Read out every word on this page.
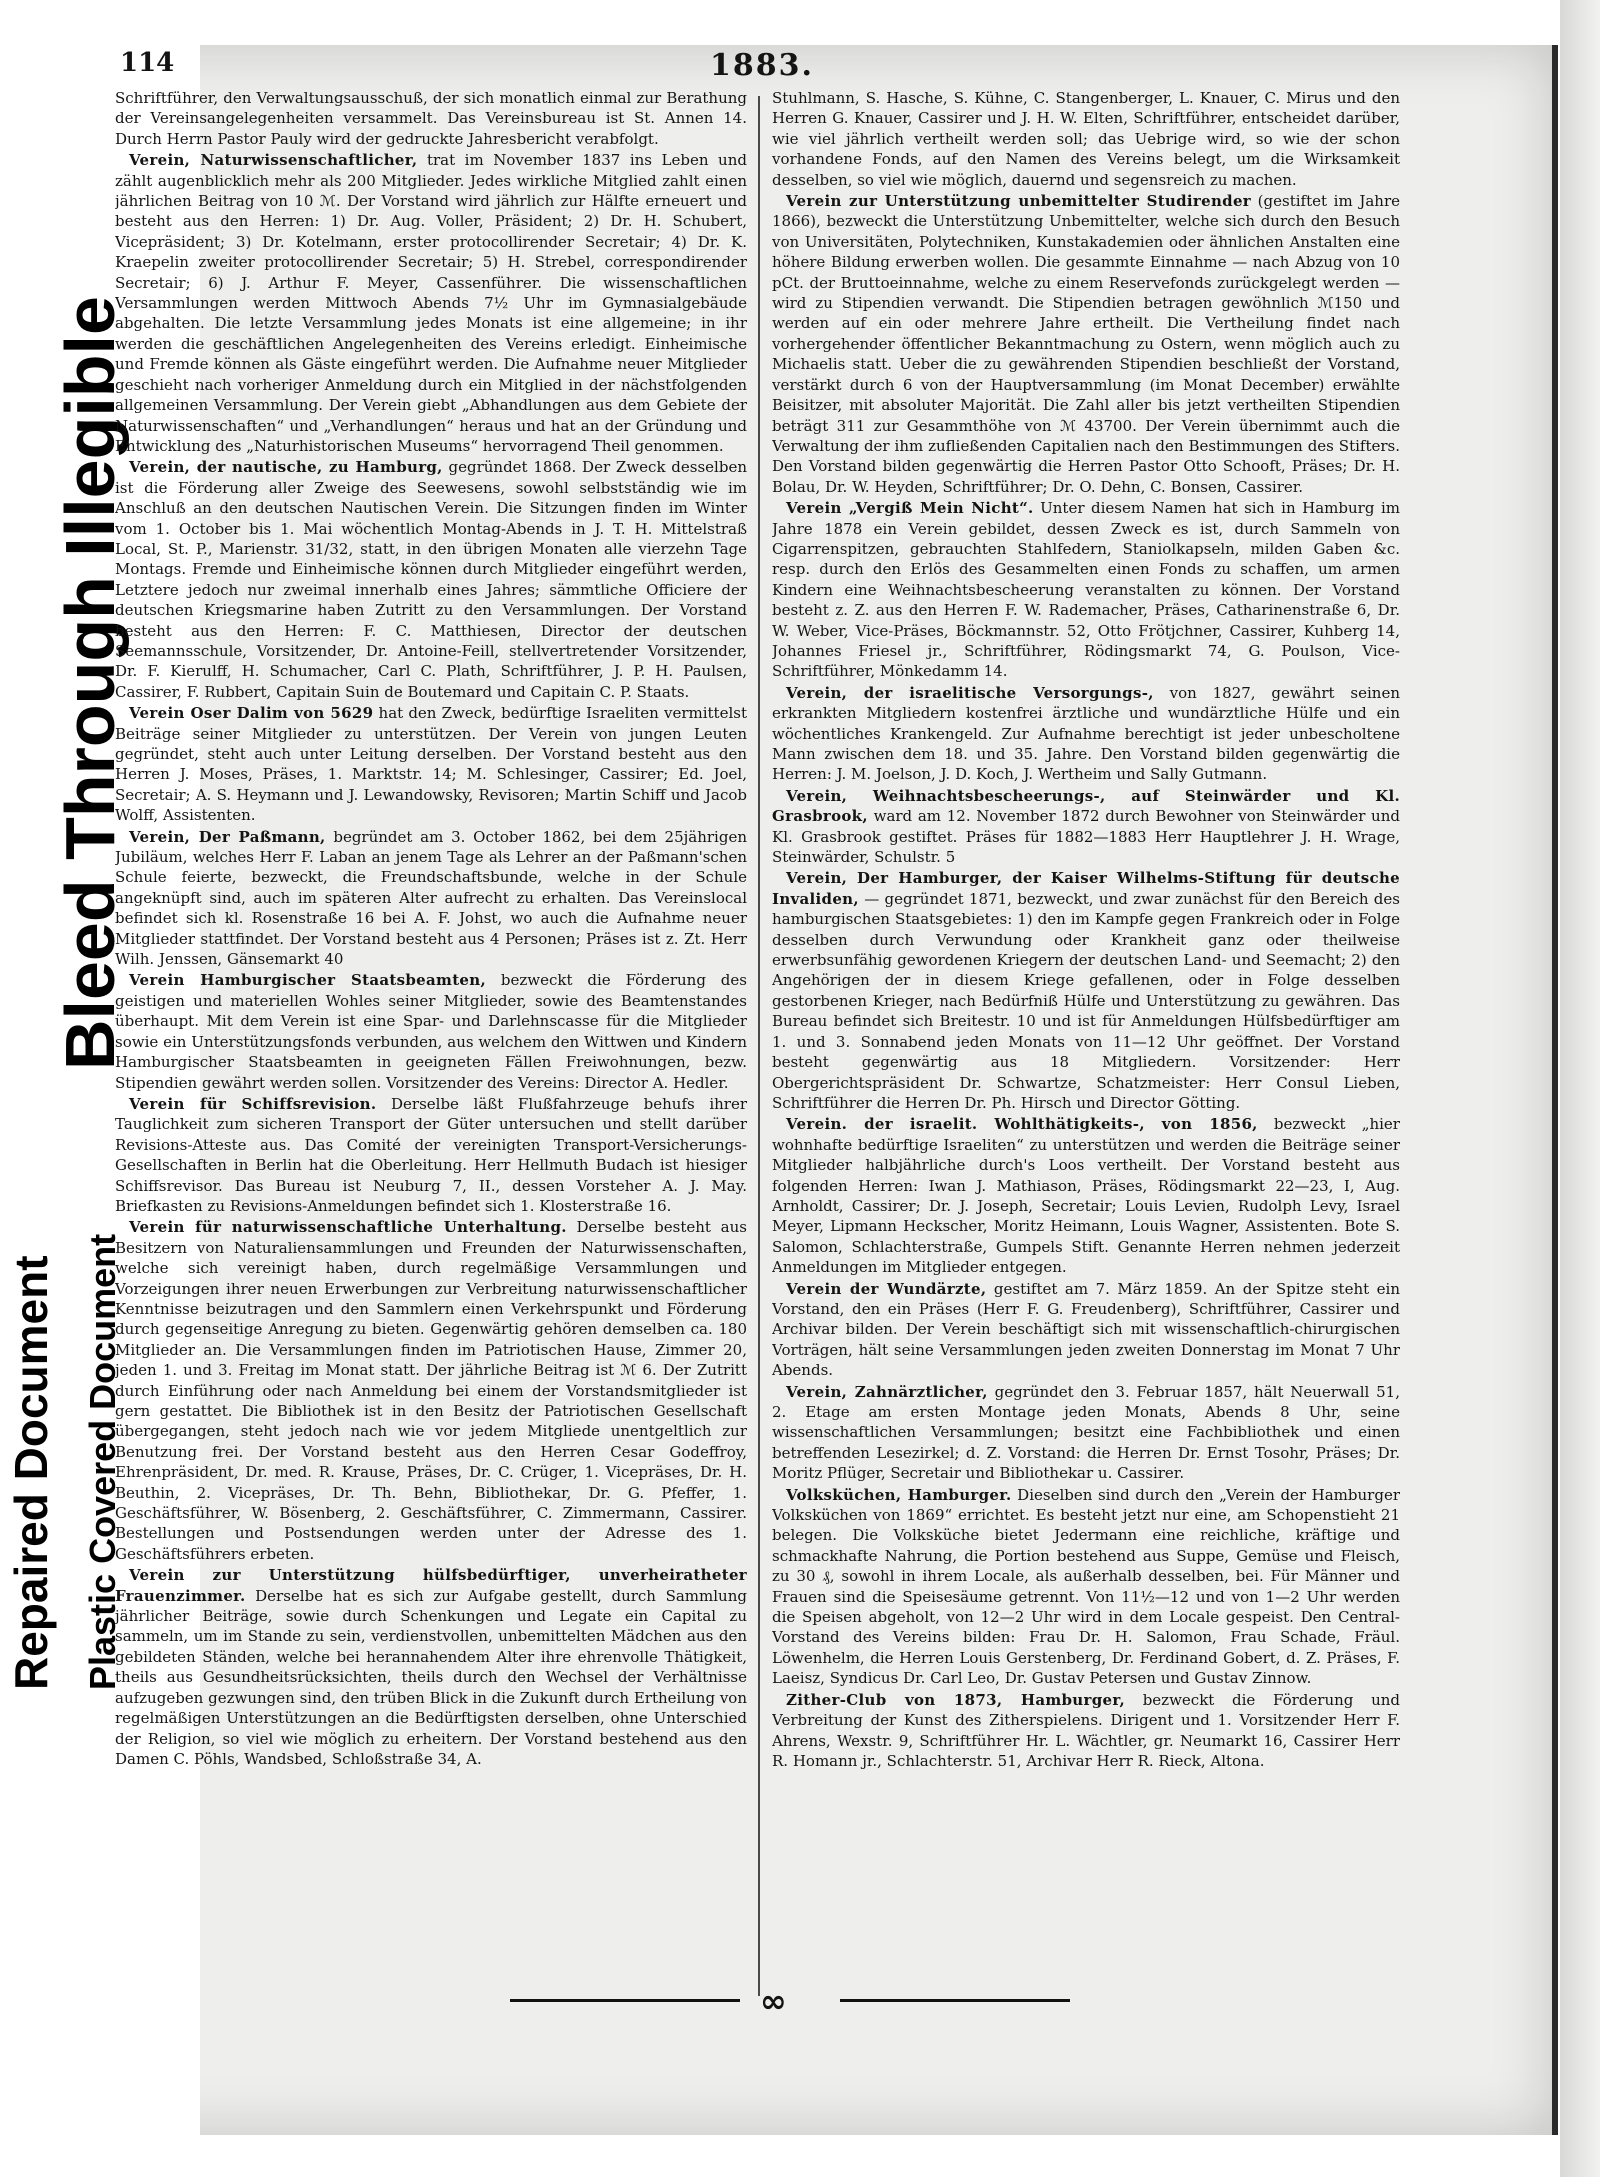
Repaired Document Plastic Covered Document
Bleed Through Illegible
114	1883.

Schriftführer, den Verwaltungsausschuß, der sich monatlich einmal zur Berathung der Vereinsangelegenheiten versammelt. Das Vereinsbureau ist St. Annen 14. Durch Herrn Pastor Pauly wird der gedruckte Jahresbericht verabfolgt.

Verein, Naturwissenschaftlicher, trat im November 1837 ins Leben und zählt augenblicklich mehr als 200 Mitglieder. Jedes wirkliche Mitglied zahlt einen jährlichen Beitrag von 10 ℳ. Der Vorstand wird jährlich zur Hälfte erneuert und besteht aus den Herren: 1) Dr. Aug. Voller, Präsident; 2) Dr. H. Schubert, Vicepräsident; 3) Dr. Kotelmann, erster protocollirender Secretair; 4) Dr. K. Kraepelin zweiter protocollirender Secretair; 5) H. Strebel, correspondirender Secretair; 6) J. Arthur F. Meyer, Cassenführer. Die wissenschaftlichen Versammlungen werden Mittwoch Abends 7½ Uhr im Gymnasialgebäude abgehalten. Die letzte Versammlung jedes Monats ist eine allgemeine; in ihr werden die geschäftlichen Angelegenheiten des Vereins erledigt. Einheimische und Fremde können als Gäste eingeführt werden. Die Aufnahme neuer Mitglieder geschieht nach vorheriger Anmeldung durch ein Mitglied in der nächstfolgenden allgemeinen Versammlung. Der Verein giebt „Abhandlungen aus dem Gebiete der Naturwissenschaften“ und „Verhandlungen“ heraus und hat an der Gründung und Entwicklung des „Naturhistorischen Museums“ hervorragend Theil genommen.

Verein, der nautische, zu Hamburg, gegründet 1868. Der Zweck desselben ist die Förderung aller Zweige des Seewesens, sowohl selbstständig wie im Anschluß an den deutschen Nautischen Verein. Die Sitzungen finden im Winter vom 1. October bis 1. Mai wöchentlich Montag-Abends in J. T. H. Mittelstraß Local, St. P., Marienstr. 31/32, statt, in den übrigen Monaten alle vierzehn Tage Montags. Fremde und Einheimische können durch Mitglieder eingeführt werden, Letztere jedoch nur zweimal innerhalb eines Jahres; sämmtliche Officiere der deutschen Kriegsmarine haben Zutritt zu den Versammlungen. Der Vorstand besteht aus den Herren: F. C. Matthiesen, Director der deutschen Seemannsschule, Vorsitzender, Dr. Antoine-Feill, stellvertretender Vorsitzender, Dr. F. Kierulff, H. Schumacher, Carl C. Plath, Schriftführer, J. P. H. Paulsen, Cassirer, F. Rubbert, Capitain Suin de Boutemard und Capitain C. P. Staats.

Verein Oser Dalim von 5629 hat den Zweck, bedürftige Israeliten vermittelst Beiträge seiner Mitglieder zu unterstützen. Der Verein von jungen Leuten gegründet, steht auch unter Leitung derselben. Der Vorstand besteht aus den Herren J. Moses, Präses, 1. Marktstr. 14; M. Schlesinger, Cassirer; Ed. Joel, Secretair; A. S. Heymann und J. Lewandowsky, Revisoren; Martin Schiff und Jacob Wolff, Assistenten.

Verein, Der Paßmann, begründet am 3. October 1862, bei dem 25jährigen Jubiläum, welches Herr F. Laban an jenem Tage als Lehrer an der Paßmann'schen Schule feierte, bezweckt, die Freundschaftsbunde, welche in der Schule angeknüpft sind, auch im späteren Alter aufrecht zu erhalten. Das Vereinslocal befindet sich kl. Rosenstraße 16 bei A. F. Johst, wo auch die Aufnahme neuer Mitglieder stattfindet. Der Vorstand besteht aus 4 Personen; Präses ist z. Zt. Herr Wilh. Jenssen, Gänsemarkt 40

Verein Hamburgischer Staatsbeamten, bezweckt die Förderung des geistigen und materiellen Wohles seiner Mitglieder, sowie des Beamtenstandes überhaupt. Mit dem Verein ist eine Spar- und Darlehnscasse für die Mitglieder sowie ein Unterstützungsfonds verbunden, aus welchem den Wittwen und Kindern Hamburgischer Staatsbeamten in geeigneten Fällen Freiwohnungen, bezw. Stipendien gewährt werden sollen. Vorsitzender des Vereins: Director A. Hedler.

Verein für Schiffsrevision. Derselbe läßt Flußfahrzeuge behufs ihrer Tauglichkeit zum sicheren Transport der Güter untersuchen und stellt darüber Revisions-Atteste aus. Das Comité der vereinigten Transport-Versicherungs-Gesellschaften in Berlin hat die Oberleitung. Herr Hellmuth Budach ist hiesiger Schiffsrevisor. Das Bureau ist Neuburg 7, II., dessen Vorsteher A. J. May. Briefkasten zu Revisions-Anmeldungen befindet sich 1. Klosterstraße 16.

Verein für naturwissenschaftliche Unterhaltung. Derselbe besteht aus Besitzern von Naturaliensammlungen und Freunden der Naturwissenschaften, welche sich vereinigt haben, durch regelmäßige Versammlungen und Vorzeigungen ihrer neuen Erwerbungen zur Verbreitung naturwissenschaftlicher Kenntnisse beizutragen und den Sammlern einen Verkehrspunkt und Förderung durch gegenseitige Anregung zu bieten. Gegenwärtig gehören demselben ca. 180 Mitglieder an. Die Versammlungen finden im Patriotischen Hause, Zimmer 20, jeden 1. und 3. Freitag im Monat statt. Der jährliche Beitrag ist ℳ 6. Der Zutritt durch Einführung oder nach Anmeldung bei einem der Vorstandsmitglieder ist gern gestattet. Die Bibliothek ist in den Besitz der Patriotischen Gesellschaft übergegangen, steht jedoch nach wie vor jedem Mitgliede unentgeltlich zur Benutzung frei. Der Vorstand besteht aus den Herren Cesar Godeffroy, Ehrenpräsident, Dr. med. R. Krause, Präses, Dr. C. Crüger, 1. Vicepräses, Dr. H. Beuthin, 2. Vicepräses, Dr. Th. Behn, Bibliothekar, Dr. G. Pfeffer, 1. Geschäftsführer, W. Bösenberg, 2. Geschäftsführer, C. Zimmermann, Cassirer. Bestellungen und Postsendungen werden unter der Adresse des 1. Geschäftsführers erbeten.

Verein zur Unterstützung hülfsbedürftiger, unverheiratheter Frauenzimmer. Derselbe hat es sich zur Aufgabe gestellt, durch Sammlung jährlicher Beiträge, sowie durch Schenkungen und Legate ein Capital zu sammeln, um im Stande zu sein, verdienstvollen, unbemittelten Mädchen aus den gebildeten Ständen, welche bei herannahendem Alter ihre ehrenvolle Thätigkeit, theils aus Gesundheitsrücksichten, theils durch den Wechsel der Verhältnisse aufzugeben gezwungen sind, den trüben Blick in die Zukunft durch Ertheilung von regelmäßigen Unterstützungen an die Bedürftigsten derselben, ohne Unterschied der Religion, so viel wie möglich zu erheitern. Der Vorstand bestehend aus den Damen C. Pöhls, Wandsbed, Schloßstraße 34, A.

Stuhlmann, S. Hasche, S. Kühne, C. Stangenberger, L. Knauer, C. Mirus und den Herren G. Knauer, Cassirer und J. H. W. Elten, Schriftführer, entscheidet darüber, wie viel jährlich vertheilt werden soll; das Uebrige wird, so wie der schon vorhandene Fonds, auf den Namen des Vereins belegt, um die Wirksamkeit desselben, so viel wie möglich, dauernd und segensreich zu machen.

Verein zur Unterstützung unbemittelter Studirender (gestiftet im Jahre 1866), bezweckt die Unterstützung Unbemittelter, welche sich durch den Besuch von Universitäten, Polytechniken, Kunstakademien oder ähnlichen Anstalten eine höhere Bildung erwerben wollen. Die gesammte Einnahme — nach Abzug von 10 pCt. der Bruttoeinnahme, welche zu einem Reservefonds zurückgelegt werden — wird zu Stipendien verwandt. Die Stipendien betragen gewöhnlich ℳ150 und werden auf ein oder mehrere Jahre ertheilt. Die Vertheilung findet nach vorhergehender öffentlicher Bekanntmachung zu Ostern, wenn möglich auch zu Michaelis statt. Ueber die zu gewährenden Stipendien beschließt der Vorstand, verstärkt durch 6 von der Hauptversammlung (im Monat December) erwählte Beisitzer, mit absoluter Majorität. Die Zahl aller bis jetzt vertheilten Stipendien beträgt 311 zur Gesammthöhe von ℳ 43700. Der Verein übernimmt auch die Verwaltung der ihm zufließenden Capitalien nach den Bestimmungen des Stifters. Den Vorstand bilden gegenwärtig die Herren Pastor Otto Schooft, Präses; Dr. H. Bolau, Dr. W. Heyden, Schriftführer; Dr. O. Dehn, C. Bonsen, Cassirer.

Verein „Vergiß Mein Nicht“. Unter diesem Namen hat sich in Hamburg im Jahre 1878 ein Verein gebildet, dessen Zweck es ist, durch Sammeln von Cigarrenspitzen, gebrauchten Stahlfedern, Staniolkapseln, milden Gaben &c. resp. durch den Erlös des Gesammelten einen Fonds zu schaffen, um armen Kindern eine Weihnachtsbescheerung veranstalten zu können. Der Vorstand besteht z. Z. aus den Herren F. W. Rademacher, Präses, Catharinenstraße 6, Dr. W. Weber, Vice-Präses, Böckmannstr. 52, Otto Frötjchner, Cassirer, Kuhberg 14, Johannes Friesel jr., Schriftführer, Rödingsmarkt 74, G. Poulson, Vice-Schriftführer, Mönkedamm 14.

Verein, der israelitische Versorgungs-, von 1827, gewährt seinen erkrankten Mitgliedern kostenfrei ärztliche und wundärztliche Hülfe und ein wöchentliches Krankengeld. Zur Aufnahme berechtigt ist jeder unbescholtene Mann zwischen dem 18. und 35. Jahre. Den Vorstand bilden gegenwärtig die Herren: J. M. Joelson, J. D. Koch, J. Wertheim und Sally Gutmann.

Verein, Weihnachtsbescheerungs-, auf Steinwärder und Kl. Grasbrook, ward am 12. November 1872 durch Bewohner von Steinwärder und Kl. Grasbrook gestiftet. Präses für 1882—1883 Herr Hauptlehrer J. H. Wrage, Steinwärder, Schulstr. 5

Verein, Der Hamburger, der Kaiser Wilhelms-Stiftung für deutsche Invaliden, — gegründet 1871, bezweckt, und zwar zunächst für den Bereich des hamburgischen Staatsgebietes: 1) den im Kampfe gegen Frankreich oder in Folge desselben durch Verwundung oder Krankheit ganz oder theilweise erwerbsunfähig gewordenen Kriegern der deutschen Land- und Seemacht; 2) den Angehörigen der in diesem Kriege gefallenen, oder in Folge desselben gestorbenen Krieger, nach Bedürfniß Hülfe und Unterstützung zu gewähren. Das Bureau befindet sich Breitestr. 10 und ist für Anmeldungen Hülfsbedürftiger am 1. und 3. Sonnabend jeden Monats von 11—12 Uhr geöffnet. Der Vorstand besteht gegenwärtig aus 18 Mitgliedern. Vorsitzender: Herr Obergerichtspräsident Dr. Schwartze, Schatzmeister: Herr Consul Lieben, Schriftführer die Herren Dr. Ph. Hirsch und Director Götting.

Verein. der israelit. Wohlthätigkeits-, von 1856, bezweckt „hier wohnhafte bedürftige Israeliten“ zu unterstützen und werden die Beiträge seiner Mitglieder halbjährliche durch's Loos vertheilt. Der Vorstand besteht aus folgenden Herren: Iwan J. Mathiason, Präses, Rödingsmarkt 22—23, I, Aug. Arnholdt, Cassirer; Dr. J. Joseph, Secretair; Louis Levien, Rudolph Levy, Israel Meyer, Lipmann Heckscher, Moritz Heimann, Louis Wagner, Assistenten. Bote S. Salomon, Schlachterstraße, Gumpels Stift. Genannte Herren nehmen jederzeit Anmeldungen im Mitglieder entgegen.

Verein der Wundärzte, gestiftet am 7. März 1859. An der Spitze steht ein Vorstand, den ein Präses (Herr F. G. Freudenberg), Schriftführer, Cassirer und Archivar bilden. Der Verein beschäftigt sich mit wissenschaftlich-chirurgischen Vorträgen, hält seine Versammlungen jeden zweiten Donnerstag im Monat 7 Uhr Abends.

Verein, Zahnärztlicher, gegründet den 3. Februar 1857, hält Neuerwall 51, 2. Etage am ersten Montage jeden Monats, Abends 8 Uhr, seine wissenschaftlichen Versammlungen; besitzt eine Fachbibliothek und einen betreffenden Lesezirkel; d. Z. Vorstand: die Herren Dr. Ernst Tosohr, Präses; Dr. Moritz Pflüger, Secretair und Bibliothekar u. Cassirer.

Volksküchen, Hamburger. Dieselben sind durch den „Verein der Hamburger Volksküchen von 1869“ errichtet. Es besteht jetzt nur eine, am Schopenstieht 21 belegen. Die Volksküche bietet Jedermann eine reichliche, kräftige und schmackhafte Nahrung, die Portion bestehend aus Suppe, Gemüse und Fleisch, zu 30 ₰, sowohl in ihrem Locale, als außerhalb desselben, bei. Für Männer und Frauen sind die Speisesäume getrennt. Von 11½—12 und von 1—2 Uhr werden die Speisen abgeholt, von 12—2 Uhr wird in dem Locale gespeist. Den Central-Vorstand des Vereins bilden: Frau Dr. H. Salomon, Frau Schade, Fräul. Löwenhelm, die Herren Louis Gerstenberg, Dr. Ferdinand Gobert, d. Z. Präses, F. Laeisz, Syndicus Dr. Carl Leo, Dr. Gustav Petersen und Gustav Zinnow.

Zither-Club von 1873, Hamburger, bezweckt die Förderung und Verbreitung der Kunst des Zitherspielens. Dirigent und 1. Vorsitzender Herr F. Ahrens, Wexstr. 9, Schriftführer Hr. L. Wächtler, gr. Neumarkt 16, Cassirer Herr R. Homann jr., Schlachterstr. 51, Archivar Herr R. Rieck, Altona.

∞
